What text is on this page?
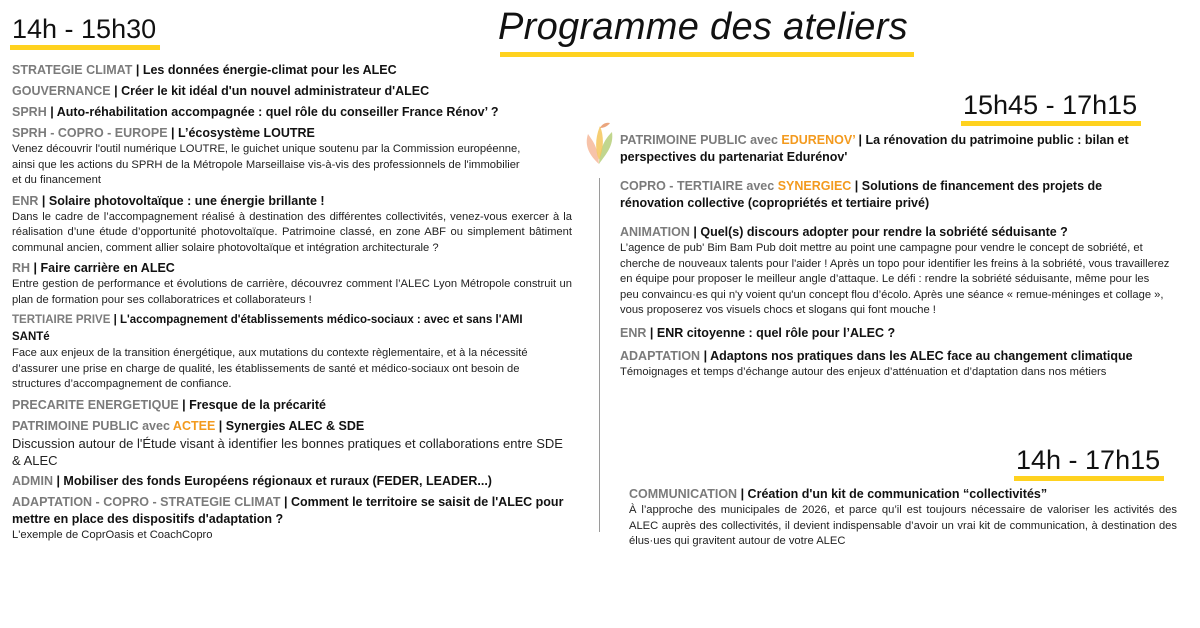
14h - 15h30	Programme des ateliers
15h45 - 17h15
14h - 17h15
STRATEGIE CLIMAT | Les données énergie-climat pour les ALEC
GOUVERNANCE | Créer le kit idéal d'un nouvel administrateur d'ALEC
SPRH | Auto-réhabilitation accompagnée : quel rôle du conseiller France Rénov’ ?
SPRH - COPRO - EUROPE | L’écosystème LOUTRE
Venez découvrir l'outil numérique LOUTRE, le guichet unique soutenu par la Commission européenne, ainsi que les actions du SPRH de la Métropole Marseillaise vis-à-vis des professionnels de l'immobilier et du financement
ENR | Solaire photovoltaïque : une énergie brillante !
Dans le cadre de l’accompagnement réalisé à destination des différentes collectivités, venez-vous exercer à la réalisation d’une étude d’opportunité photovoltaïque. Patrimoine classé, en zone ABF ou simplement bâtiment communal ancien, comment allier solaire photovoltaïque et intégration architecturale ?
RH | Faire carrière en ALEC
Entre gestion de performance et évolutions de carrière, découvrez comment l’ALEC Lyon Métropole construit un plan de formation pour ses collaboratrices et collaborateurs !
TERTIAIRE PRIVE | L'accompagnement d'établissements médico-sociaux : avec et sans l'AMI SANTé
Face aux enjeux de la transition énergétique, aux mutations du contexte règlementaire, et à la nécessité d’assurer une prise en charge de qualité, les établissements de santé et médico-sociaux ont besoin de structures d’accompagnement de confiance.
PRECARITE ENERGETIQUE | Fresque de la précarité
PATRIMOINE PUBLIC avec ACTEE | Synergies ALEC & SDE
Discussion autour de l'Étude visant à identifier les bonnes pratiques et collaborations entre SDE & ALEC
ADMIN | Mobiliser des fonds Européens régionaux et ruraux (FEDER, LEADER...)
ADAPTATION - COPRO - STRATEGIE CLIMAT | Comment le territoire se saisit de l'ALEC pour mettre en place des dispositifs d'adaptation ?
L'exemple de CoprOasis et CoachCopro
PATRIMOINE PUBLIC avec EDURENOV’ | La rénovation du patrimoine public : bilan et perspectives du partenariat Edurénov'
COPRO - TERTIAIRE avec SYNERGIEC | Solutions de financement des projets de rénovation collective (copropriétés et tertiaire privé)
ANIMATION | Quel(s) discours adopter pour rendre la sobriété séduisante ?
L’agence de pub' Bim Bam Pub doit mettre au point une campagne pour vendre le concept de sobriété, et cherche de nouveaux talents pour l'aider ! Après un topo pour identifier les freins à la sobriété, vous travaillerez en équipe pour proposer le meilleur angle d’attaque. Le défi : rendre la sobriété séduisante, même pour les peu convaincu·es qui n'y voient qu'un concept flou d’écolo. Après une séance « remue-méninges et collage », vous proposerez vos visuels chocs et slogans qui font mouche !
ENR | ENR citoyenne : quel rôle pour l’ALEC ?
ADAPTATION | Adaptons nos pratiques dans les ALEC face au changement climatique
Témoignages et temps d’échange autour des enjeux d’atténuation et d’daptation dans nos métiers
COMMUNICATION | Création d'un kit de communication “collectivités”
À l’approche des municipales de 2026, et parce qu’il est toujours nécessaire de valoriser les activités des ALEC auprès des collectivités, il devient indispensable d’avoir un vrai kit de communication, à destination des élus·ues qui gravitent autour de votre ALEC
